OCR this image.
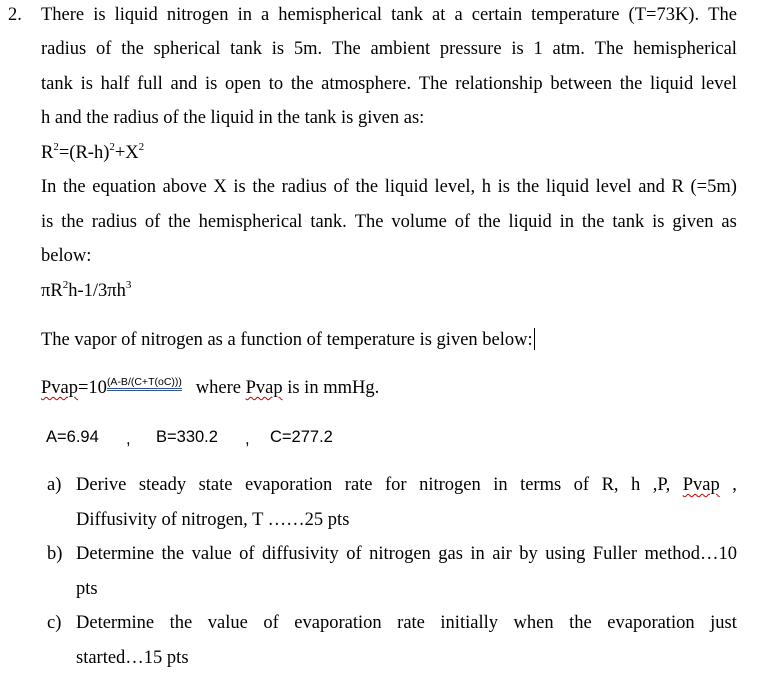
2. There is liquid nitrogen in a hemispherical tank at a certain temperature (T=73K). The
radius of the spherical tank is 5m. The ambient pressure is 1 atm. The hemispherical
tank is half full and is open to the atmosphere. The relationship between the liquid level
h and the radius of the liquid in the tank is given as:
$R^2=(R-h)^2+X^2$
In the equation above X is the radius of the liquid level, h is the liquid level and R (=5m)
is the radius of the hemispherical tank. The volume of the liquid in the tank is given as
below:
$\pi R^2h-1/3\pi h^3$
The vapor of nitrogen as a function of temperature is given below:
$Pvap=10^{(A-B/(C+T(oC)))}$ where Pvap is in mmHg.
A=6.94 , B=330.2 , C=277.2
a) Derive steady state evaporation rate for nitrogen in terms of R, h ,P, Pvap ,
Diffusivity of nitrogen, T ……25 pts
b) Determine the value of diffusivity of nitrogen gas in air by using Fuller method…10
pts
c) Determine the value of evaporation rate initially when the evaporation just
started…15 pts
